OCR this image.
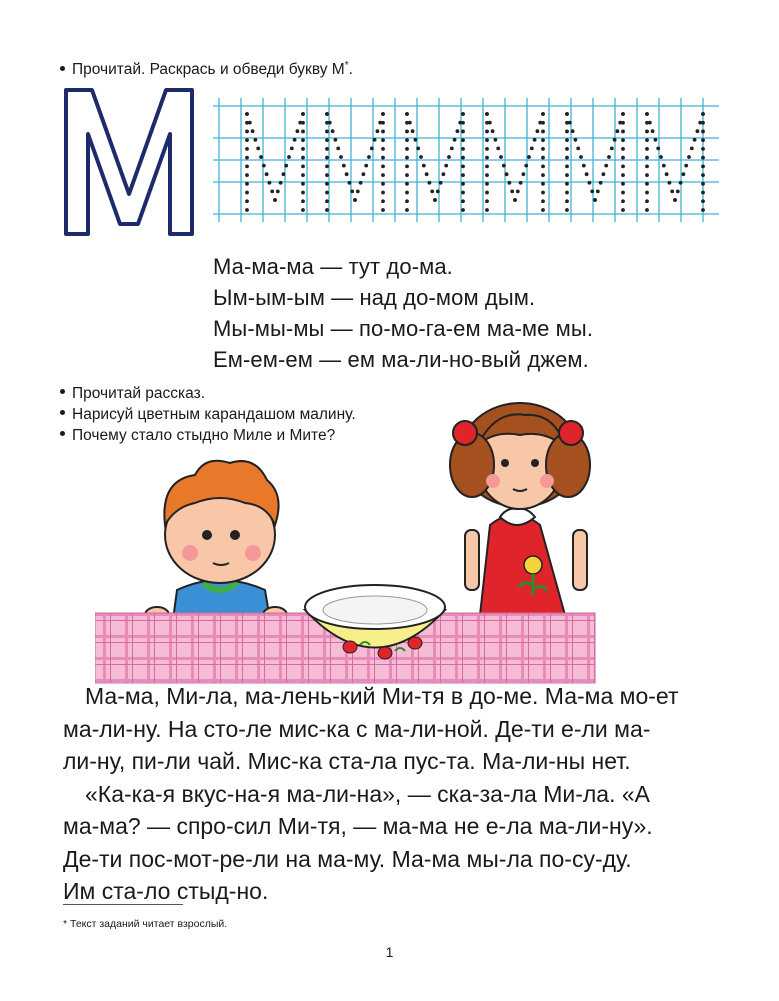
Прочитай. Раскрась и обведи букву М*.
Ма-ма-ма — тут до-ма.
Ым-ым-ым — над до-мом дым.
Мы-мы-мы — по-мо-га-ем ма-ме мы.
Ем-ем-ем — ем ма-ли-но-вый джем.
Прочитай рассказ.
Нарисуй цветным карандашом малину.
Почему стало стыдно Миле и Мите?

Ма-ма, Ми-ла, ма-лень-кий Ми-тя в до-ме. Ма-ма мо-ет

ма-ли-ну. На сто-ле мис-ка с ма-ли-ной. Де-ти е-ли ма-

ли-ну, пи-ли чай. Мис-ка ста-ла пус-та. Ма-ли-ны нет.

«Ка-ка-я вкус-на-я ма-ли-на», — ска-за-ла Ми-ла. «А

ма-ма? — спро-сил Ми-тя, — ма-ма не е-ла ма-ли-ну».

Де-ти пос-мот-ре-ли на ма-му. Ма-ма мы-ла по-су-ду.

Им ста-ло стыд-но.

* Текст заданий читает взрослый.
1
